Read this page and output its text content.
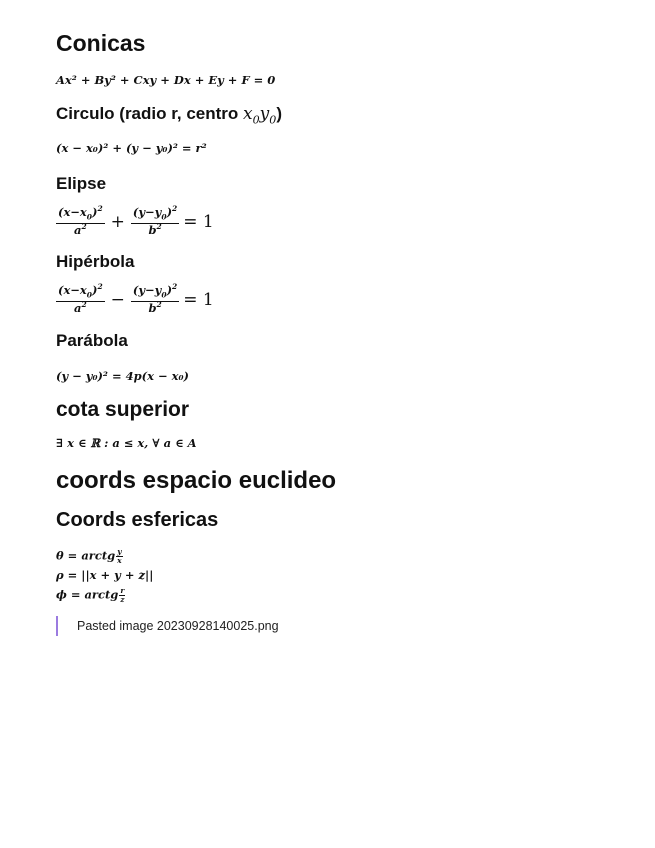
Conicas
Ax² + By² + Cxy + Dx + Ey + F = 0
Circulo (radio r, centro $x_0y_0$)
(x − x₀)² + (y − y₀)² = r²
Elipse
$\frac{(x-x_0)^2}{a^2} + \frac{(y-y_0)^2}{b^2} = 1$
Hipérbola
$\frac{(x-x_0)^2}{a^2} - \frac{(y-y_0)^2}{b^2} = 1$
Parábola
(y − y₀)² = 4p(x − x₀)
cota superior
∃ x ∈ ℝ : a ≤ x, ∀ a ∈ A
coords espacio euclideo
Coords esfericas
θ = arctg $\frac{y}{x}$
ρ = ||x + y + z||
ϕ = arctg $\frac{r}{z}$
Pasted image 20230928140025.png
